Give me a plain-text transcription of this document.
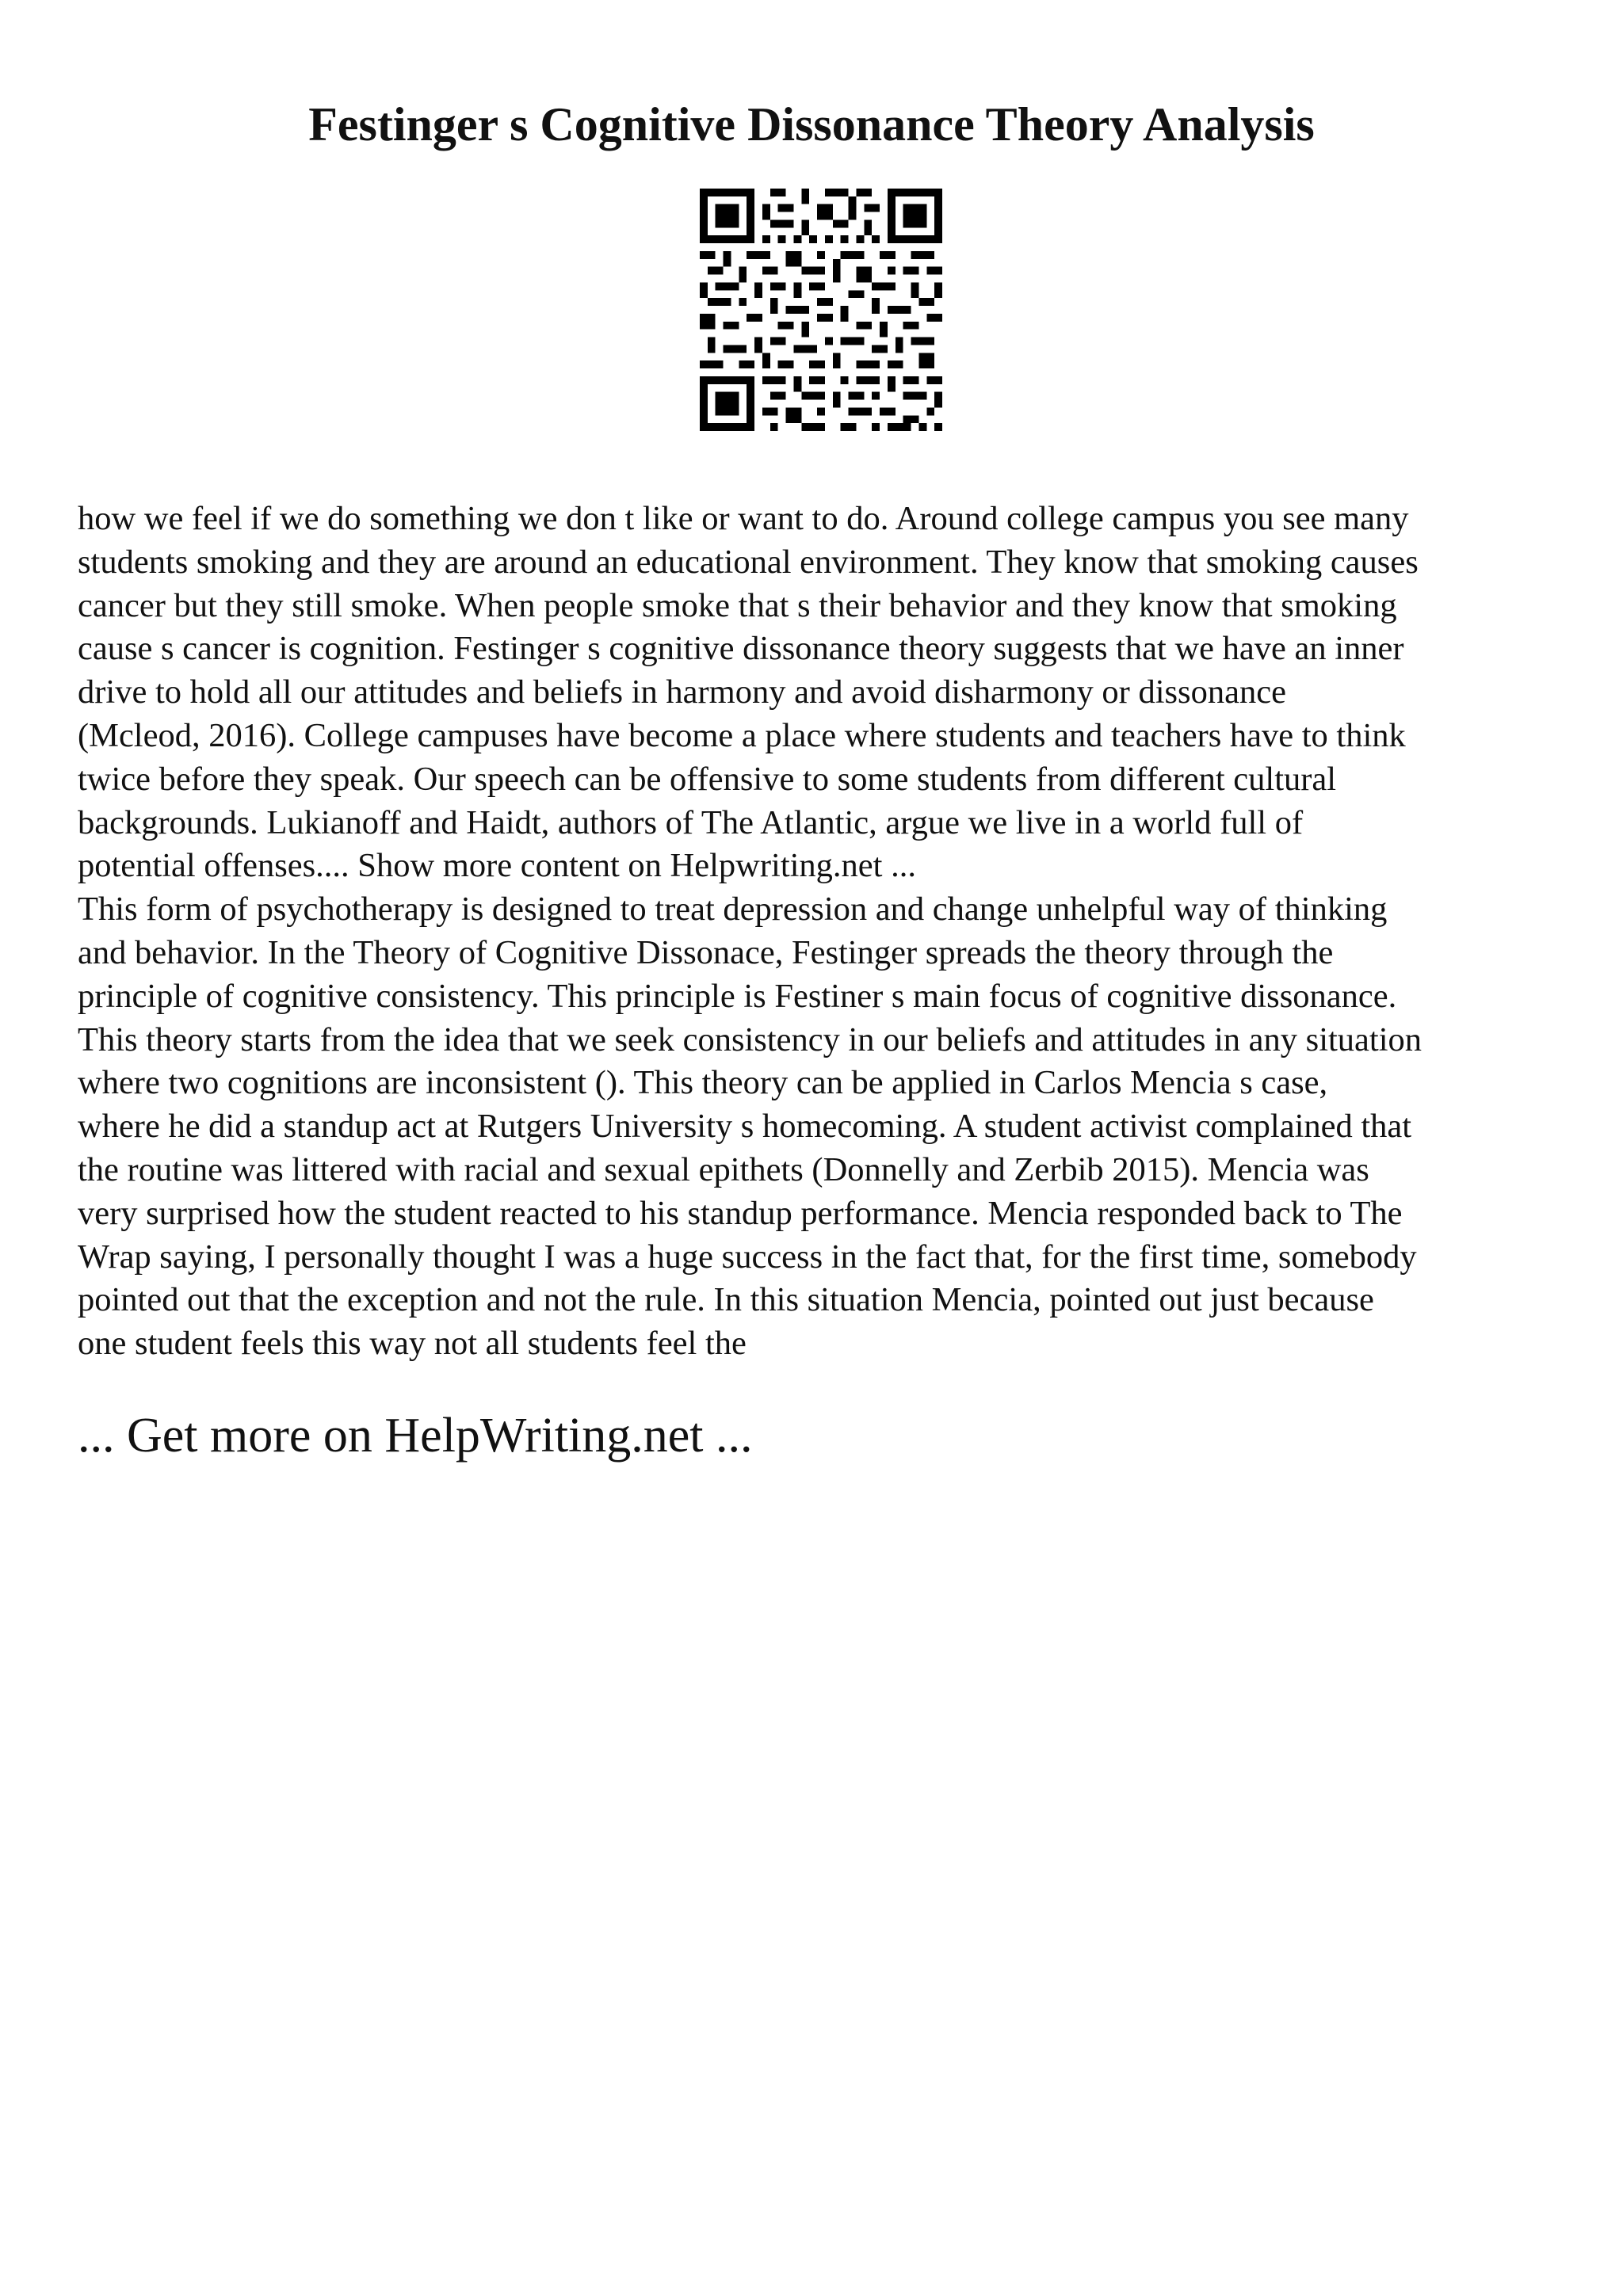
Festinger s Cognitive Dissonance Theory Analysis

how we feel if we do something we don t like or want to do. Around college campus you see many
students smoking and they are around an educational environment. They know that smoking causes
cancer but they still smoke. When people smoke that s their behavior and they know that smoking
cause s cancer is cognition. Festinger s cognitive dissonance theory suggests that we have an inner
drive to hold all our attitudes and beliefs in harmony and avoid disharmony or dissonance
(Mcleod, 2016). College campuses have become a place where students and teachers have to think
twice before they speak. Our speech can be offensive to some students from different cultural
backgrounds. Lukianoff and Haidt, authors of The Atlantic, argue we live in a world full of
potential offenses.... Show more content on Helpwriting.net ...

This form of psychotherapy is designed to treat depression and change unhelpful way of thinking
and behavior. In the Theory of Cognitive Dissonace, Festinger spreads the theory through the
principle of cognitive consistency. This principle is Festiner s main focus of cognitive dissonance.
This theory starts from the idea that we seek consistency in our beliefs and attitudes in any situation
where two cognitions are inconsistent (). This theory can be applied in Carlos Mencia s case,
where he did a standup act at Rutgers University s homecoming. A student activist complained that
the routine was littered with racial and sexual epithets (Donnelly and Zerbib 2015). Mencia was
very surprised how the student reacted to his standup performance. Mencia responded back to The
Wrap saying, I personally thought I was a huge success in the fact that, for the first time, somebody
pointed out that the exception and not the rule. In this situation Mencia, pointed out just because
one student feels this way not all students feel the

... Get more on HelpWriting.net ...
